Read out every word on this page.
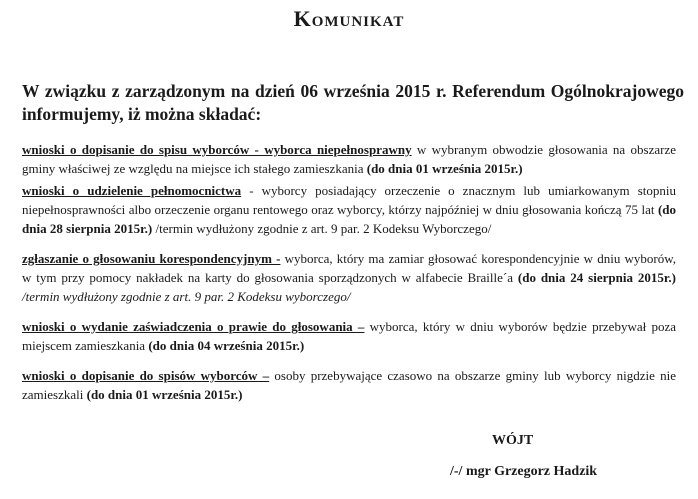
Komunikat
W związku z zarządzonym na dzień 06 września 2015 r. Referendum Ogólnokrajowego informujemy, iż można składać:
wnioski o dopisanie do spisu wyborców - wyborca niepełnosprawny w wybranym obwodzie głosowania na obszarze gminy właściwej ze względu na miejsce ich stałego zamieszkania (do dnia 01 września 2015r.)
wnioski o udzielenie pełnomocnictwa - wyborcy posiadający orzeczenie o znacznym lub umiarkowanym stopniu niepełnosprawności albo orzeczenie organu rentowego oraz wyborcy, którzy najpóźniej w dniu głosowania kończą 75 lat (do dnia 28 sierpnia 2015r.) /termin wydłużony zgodnie z art. 9 par. 2 Kodeksu Wyborczego/
zgłaszanie o głosowaniu korespondencyjnym - wyborca, który ma zamiar głosować korespondencyjnie w dniu wyborów, w tym przy pomocy nakładek na karty do głosowania sporządzonych w alfabecie Braille´a (do dnia 24 sierpnia 2015r.) /termin wydłużony zgodnie z art. 9 par. 2 Kodeksu wyborczego/
wnioski o wydanie zaświadczenia o prawie do głosowania – wyborca, który w dniu wyborów będzie przebywał poza miejscem zamieszkania (do dnia 04 września 2015r.)
wnioski o dopisanie do spisów wyborców – osoby przebywające czasowo na obszarze gminy lub wyborcy nigdzie nie zamieszkali (do dnia 01 września 2015r.)
WÓJT
/-/ mgr Grzegorz Hadzik
